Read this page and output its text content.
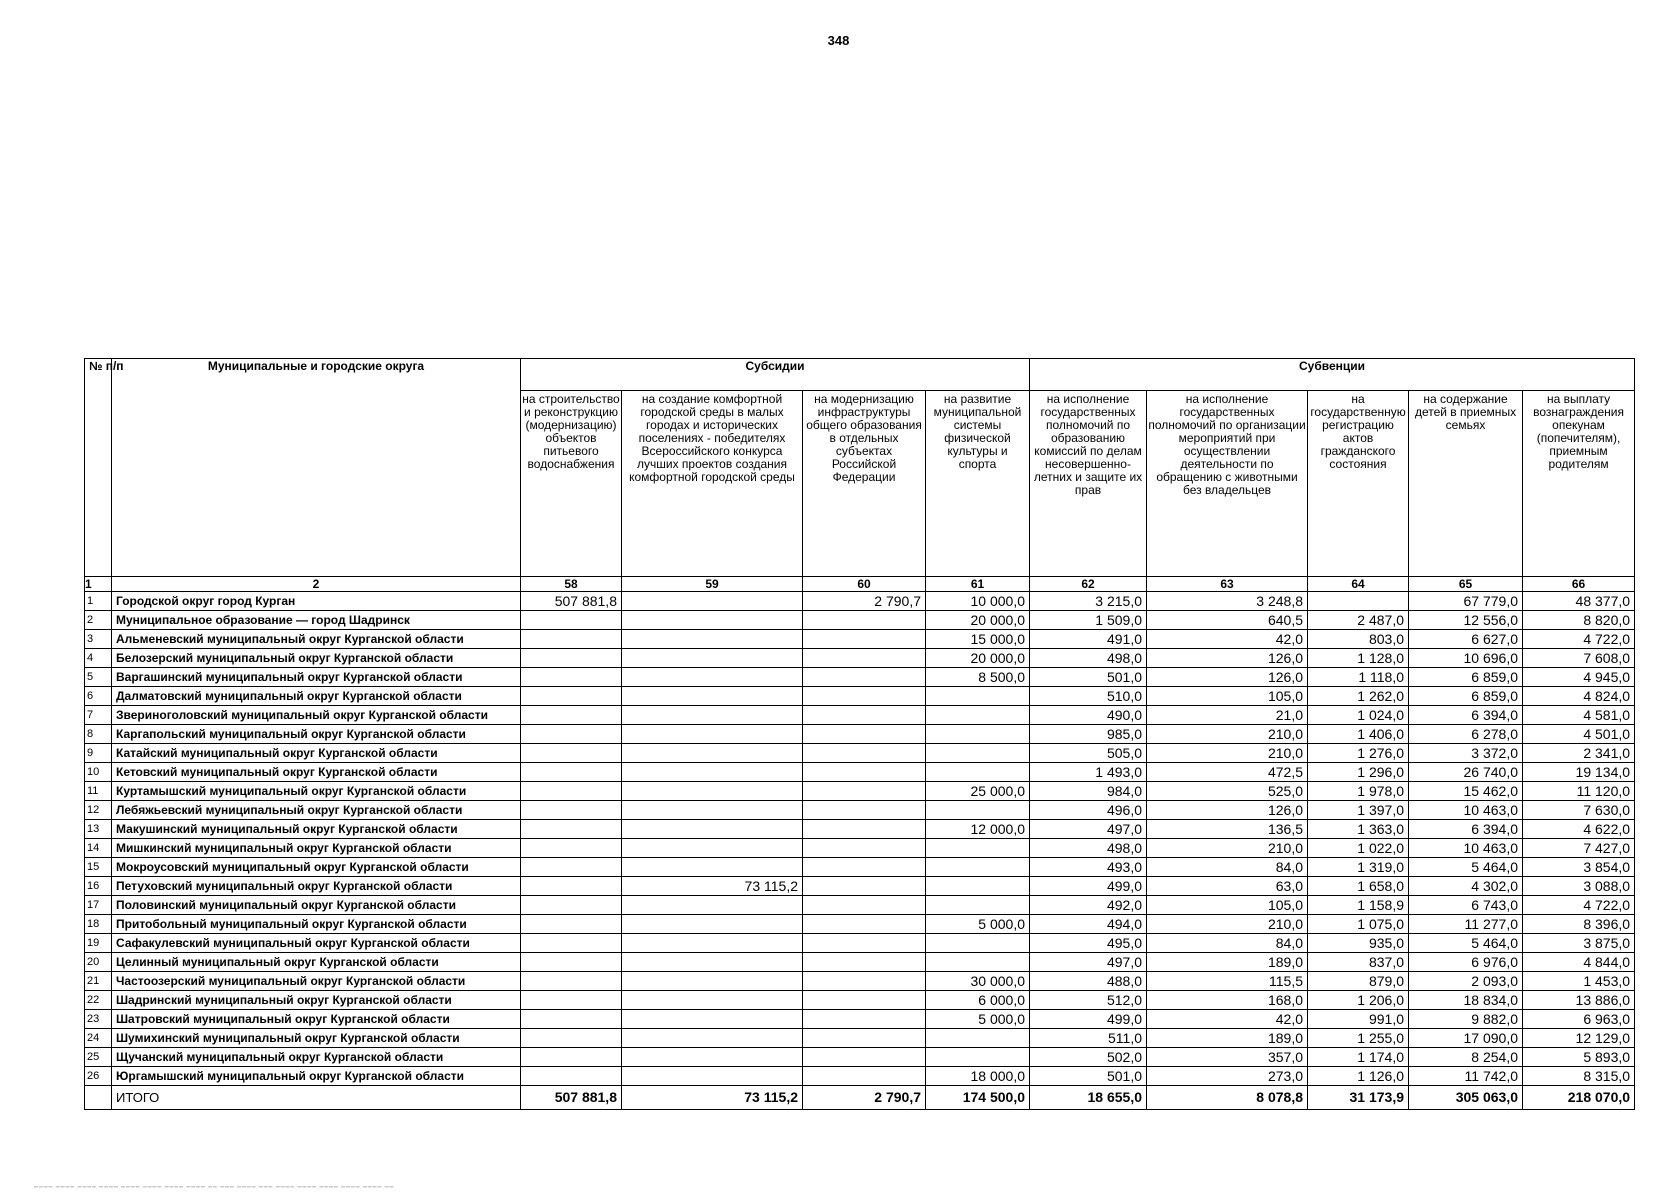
348
№ п/п	Муниципальные и городские округа	Субсидии				Субвенции				
		на строительство и реконструкцию (модернизацию) объектов питьевого водоснабжения	на создание комфортной городской среды в малых городах и исторических поселениях - победителях Всероссийского конкурса лучших проектов создания комфортной городской среды	на модернизацию инфраструктуры общего образования в отдельных субъектах Российской Федерации	на развитие муниципальной системы физической культуры и спорта	на исполнение государственных полномочий по образованию комиссий по делам несовершенно-летних и защите их прав	на исполнение государственных полномочий по организации мероприятий при осуществлении деятельности по обращению с животными без владельцев	на государственную регистрацию актов гражданского состояния	на содержание детей в приемных семьях	на выплату вознаграждения опекунам (попечителям), приемным родителям
1	2	58	59	60	61	62	63	64	65	66
1	Городской округ город Курган	507 881,8		2 790,7	10 000,0	3 215,0	3 248,8		67 779,0	48 377,0
2	Муниципальное образование — город Шадринск				20 000,0	1 509,0	640,5	2 487,0	12 556,0	8 820,0
3	Альменевский муниципальный округ Курганской области				15 000,0	491,0	42,0	803,0	6 627,0	4 722,0
4	Белозерский муниципальный округ Курганской области				20 000,0	498,0	126,0	1 128,0	10 696,0	7 608,0
5	Варгашинский муниципальный округ Курганской области				8 500,0	501,0	126,0	1 118,0	6 859,0	4 945,0
6	Далматовский муниципальный округ Курганской области					510,0	105,0	1 262,0	6 859,0	4 824,0
7	Звериноголовский муниципальный округ Курганской области					490,0	21,0	1 024,0	6 394,0	4 581,0
8	Каргапольский муниципальный округ Курганской области					985,0	210,0	1 406,0	6 278,0	4 501,0
9	Катайский муниципальный округ Курганской области					505,0	210,0	1 276,0	3 372,0	2 341,0
10	Кетовский муниципальный округ Курганской области					1 493,0	472,5	1 296,0	26 740,0	19 134,0
11	Куртамышский муниципальный округ Курганской области				25 000,0	984,0	525,0	1 978,0	15 462,0	11 120,0
12	Лебяжьевский муниципальный округ Курганской области					496,0	126,0	1 397,0	10 463,0	7 630,0
13	Макушинский муниципальный округ Курганской области				12 000,0	497,0	136,5	1 363,0	6 394,0	4 622,0
14	Мишкинский муниципальный округ Курганской области					498,0	210,0	1 022,0	10 463,0	7 427,0
15	Мокроусовский муниципальный округ Курганской области					493,0	84,0	1 319,0	5 464,0	3 854,0
16	Петуховский муниципальный округ Курганской области		73 115,2			499,0	63,0	1 658,0	4 302,0	3 088,0
17	Половинский муниципальный округ Курганской области					492,0	105,0	1 158,9	6 743,0	4 722,0
18	Притобольный муниципальный округ Курганской области				5 000,0	494,0	210,0	1 075,0	11 277,0	8 396,0
19	Сафакулевский муниципальный округ Курганской области					495,0	84,0	935,0	5 464,0	3 875,0
20	Целинный муниципальный округ Курганской области					497,0	189,0	837,0	6 976,0	4 844,0
21	Частоозерский муниципальный округ Курганской области				30 000,0	488,0	115,5	879,0	2 093,0	1 453,0
22	Шадринский муниципальный округ Курганской области				6 000,0	512,0	168,0	1 206,0	18 834,0	13 886,0
23	Шатровский муниципальный округ Курганской области				5 000,0	499,0	42,0	991,0	9 882,0	6 963,0
24	Шумихинский муниципальный округ Курганской области					511,0	189,0	1 255,0	17 090,0	12 129,0
25	Щучанский муниципальный округ Курганской области					502,0	357,0	1 174,0	8 254,0	5 893,0
26	Юргамышский муниципальный округ Курганской области				18 000,0	501,0	273,0	1 126,0	11 742,0	8 315,0
	ИТОГО	507 881,8	73 115,2	2 790,7	174 500,0	18 655,0	8 078,8	31 173,9	305 063,0	218 070,0
▁▁▁▁ ▁▁▁▁ ▁▁▁▁ ▁▁▁▁ ▁▁▁▁ ▁▁▁▁ ▁▁▁▁ ▁▁▁▁ ▁▁ ▁▁▁ ▁▁▁▁ ▁▁▁ ▁▁▁▁ ▁▁▁▁ ▁▁▁▁ ▁▁▁▁ ▁▁▁▁ ▁▁
